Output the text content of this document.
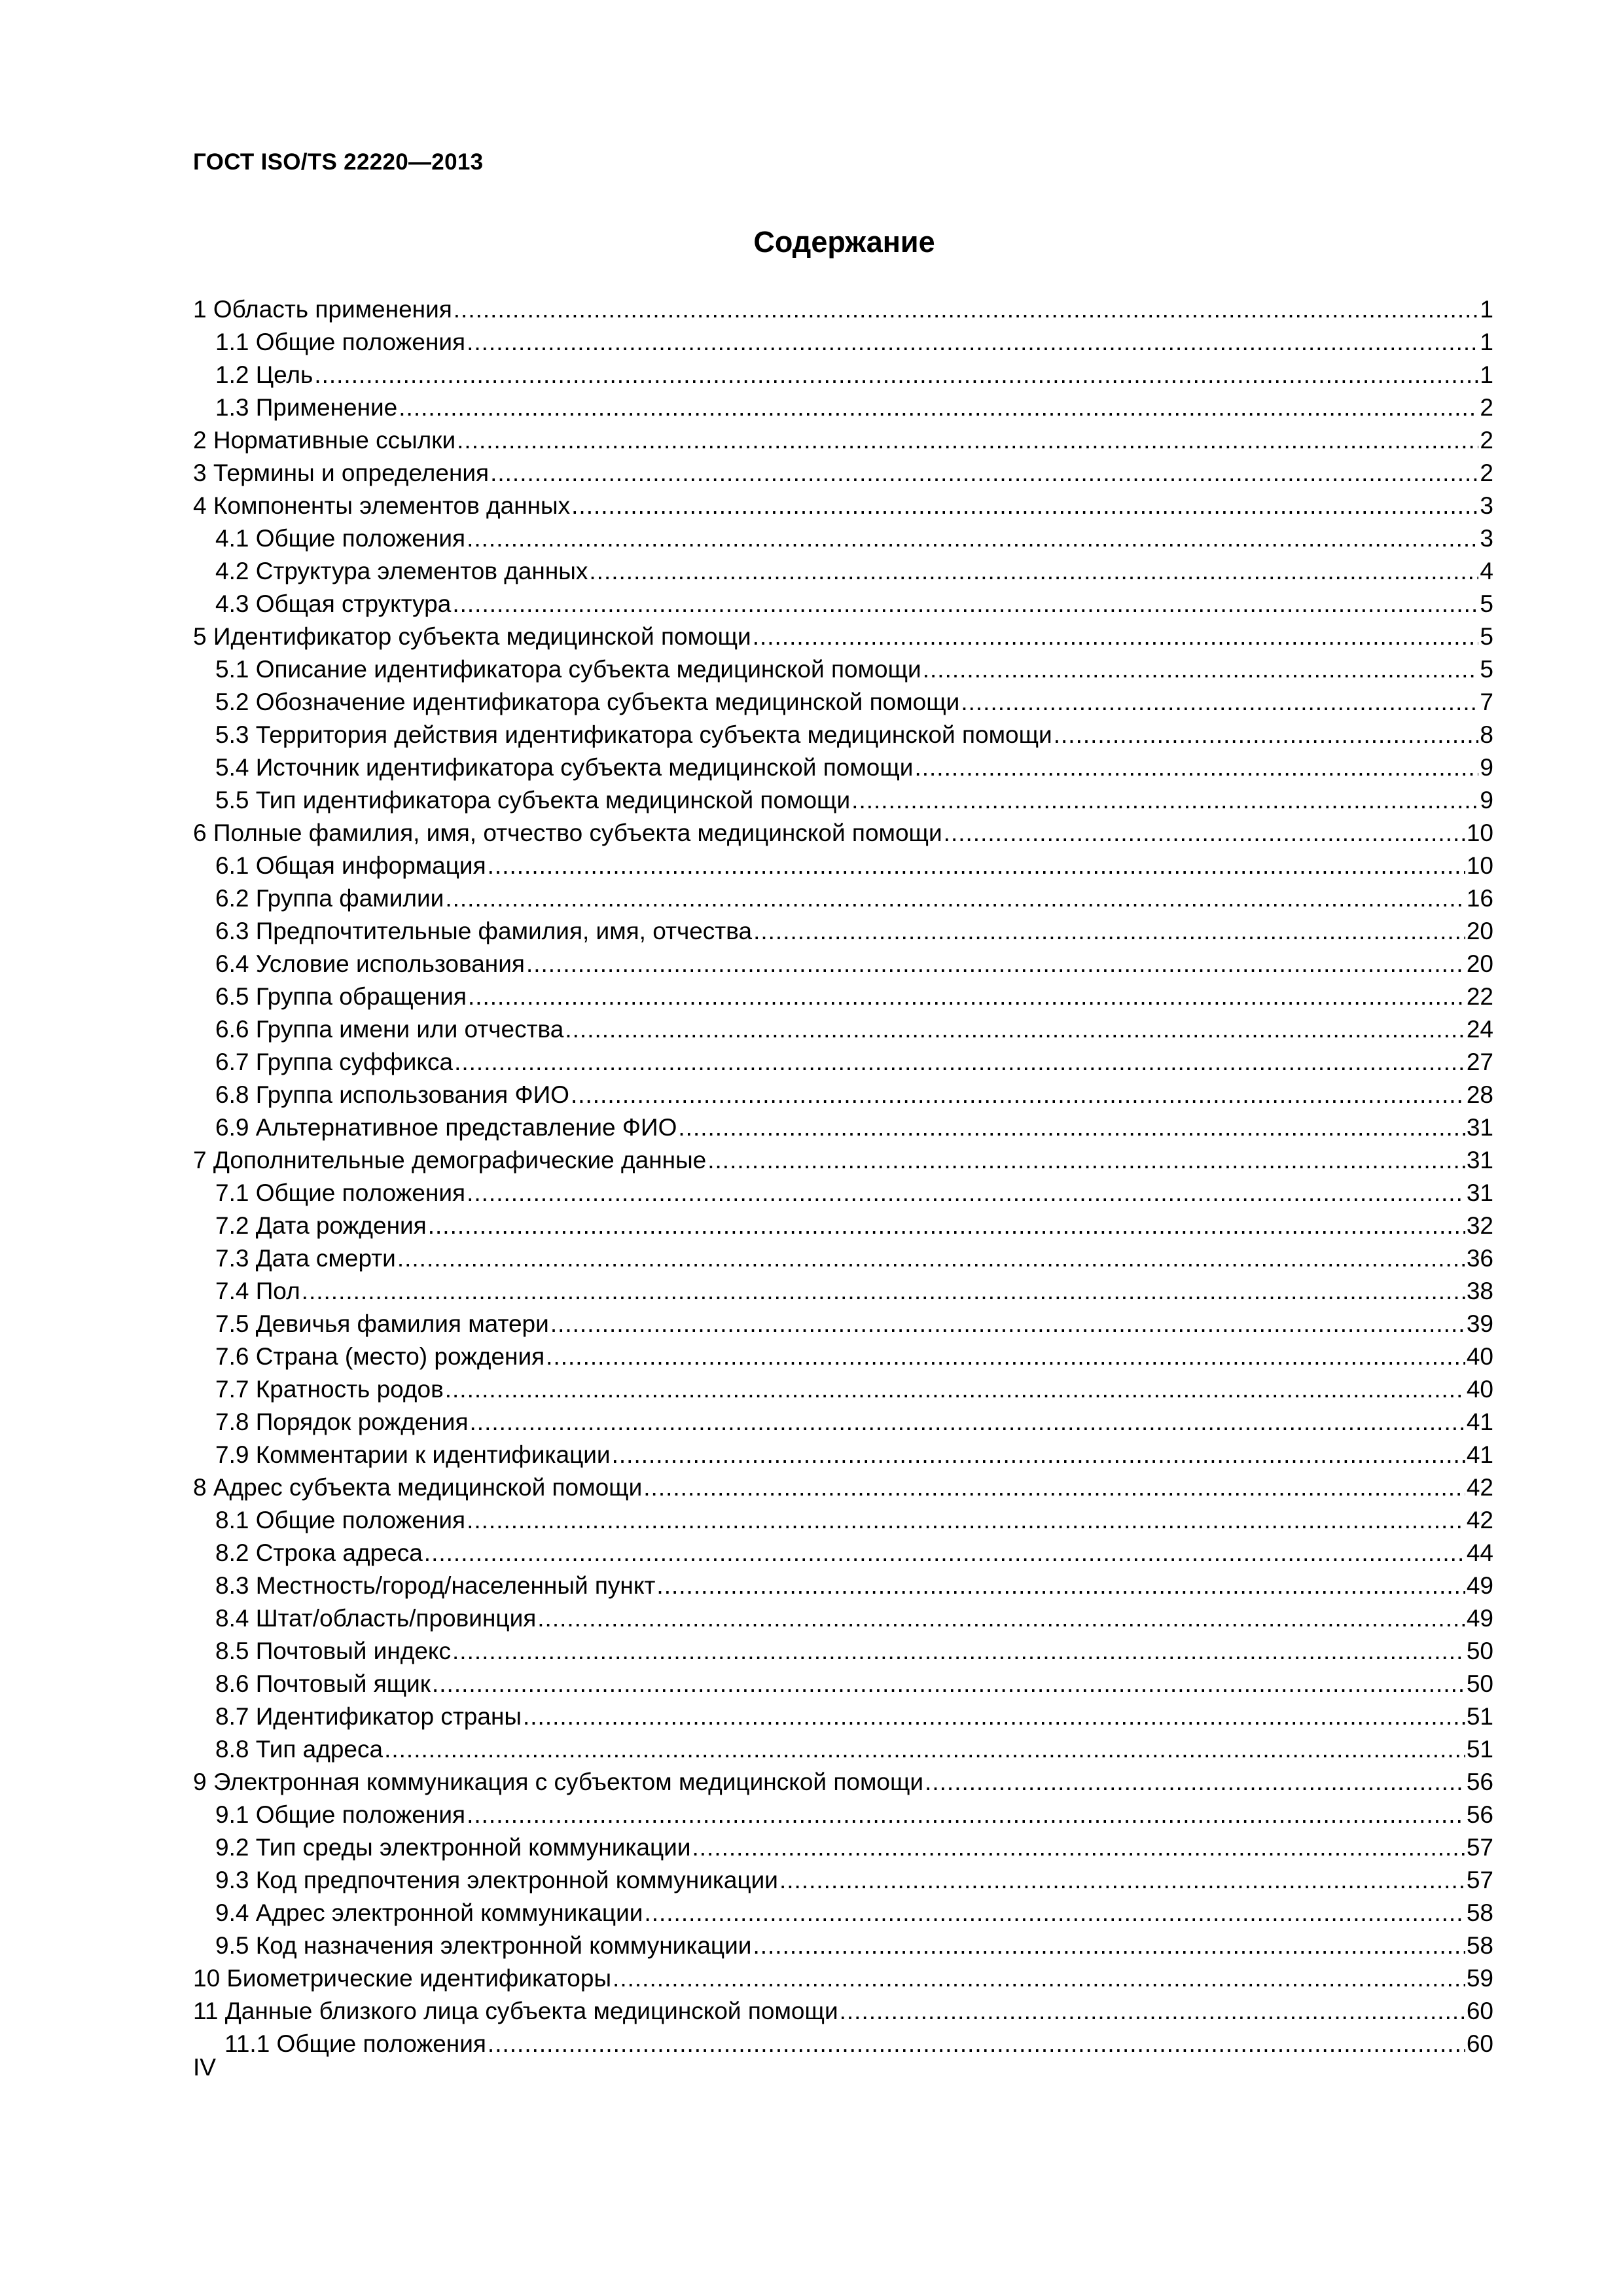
ГОСТ ISO/TS 22220—2013
Содержание
1 Область применения .....	1
1.1 Общие положения .....	1
1.2 Цель .....	1
1.3 Применение .....	2
2 Нормативные ссылки .....	2
3 Термины и определения .....	2
4 Компоненты элементов данных .....	3
4.1 Общие положения .....	3
4.2 Структура элементов данных .....	4
4.3 Общая структура .....	5
5 Идентификатор субъекта медицинской помощи .....	5
5.1 Описание идентификатора субъекта медицинской помощи .....	5
5.2 Обозначение идентификатора субъекта медицинской помощи .....	7
5.3 Территория действия идентификатора субъекта медицинской помощи .....	8
5.4 Источник идентификатора субъекта медицинской помощи .....	9
5.5 Тип идентификатора субъекта медицинской помощи .....	9
6 Полные фамилия, имя, отчество субъекта медицинской помощи .....	10
6.1 Общая информация .....	10
6.2 Группа фамилии .....	16
6.3 Предпочтительные фамилия, имя, отчества .....	20
6.4 Условие использования .....	20
6.5 Группа обращения .....	22
6.6 Группа имени или отчества .....	24
6.7 Группа суффикса .....	27
6.8 Группа использования ФИО .....	28
6.9 Альтернативное представление ФИО .....	31
7 Дополнительные демографические данные .....	31
7.1 Общие положения .....	31
7.2 Дата рождения .....	32
7.3 Дата смерти .....	36
7.4 Пол .....	38
7.5 Девичья фамилия матери .....	39
7.6 Страна (место) рождения .....	40
7.7 Кратность родов .....	40
7.8 Порядок рождения .....	41
7.9 Комментарии к идентификации .....	41
8 Адрес субъекта медицинской помощи .....	42
8.1 Общие положения .....	42
8.2 Строка адреса .....	44
8.3 Местность/город/населенный пункт .....	49
8.4 Штат/область/провинция .....	49
8.5 Почтовый индекс .....	50
8.6 Почтовый ящик .....	50
8.7 Идентификатор страны .....	51
8.8 Тип адреса .....	51
9 Электронная коммуникация с субъектом медицинской помощи .....	56
9.1 Общие положения .....	56
9.2 Тип среды электронной коммуникации .....	57
9.3 Код предпочтения электронной коммуникации .....	57
9.4 Адрес электронной коммуникации .....	58
9.5 Код назначения электронной коммуникации .....	58
10 Биометрические идентификаторы .....	59
11 Данные близкого лица субъекта медицинской помощи .....	60
11.1 Общие положения .....	60
IV
